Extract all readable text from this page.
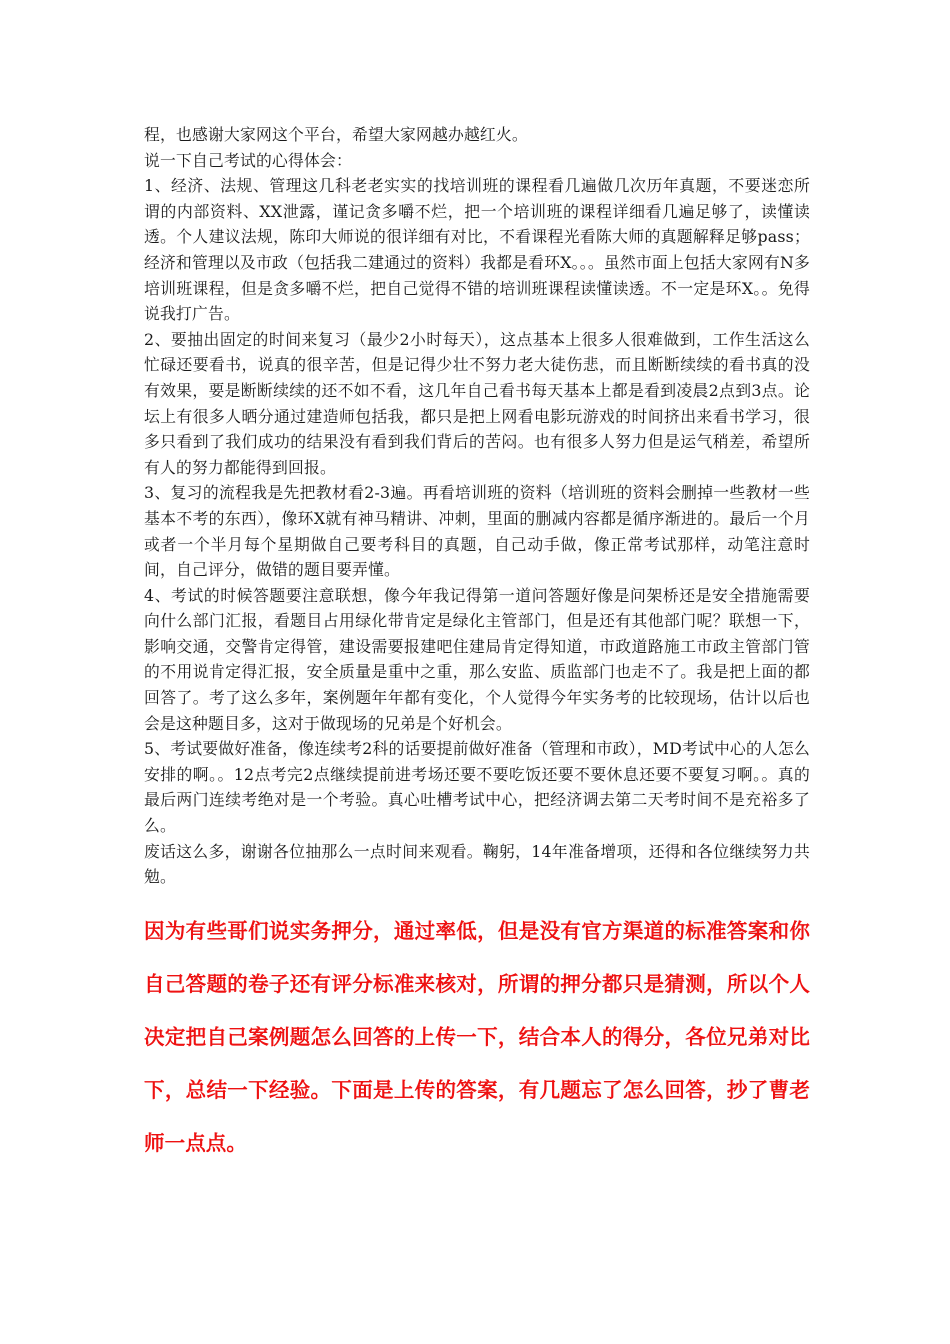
程，也感谢大家网这个平台，希望大家网越办越红火。

说一下自己考试的心得体会：

1、经济、法规、管理这几科老老实实的找培训班的课程看几遍做几次历年真题，不要迷恋所谓的内部资料、XX泄露，谨记贪多嚼不烂，把一个培训班的课程详细看几遍足够了，读懂读透。个人建议法规，陈印大师说的很详细有对比，不看课程光看陈大师的真题解释足够pass；经济和管理以及市政（包括我二建通过的资料）我都是看环X。。。虽然市面上包括大家网有N多培训班课程，但是贪多嚼不烂，把自己觉得不错的培训班课程读懂读透。不一定是环X。。免得说我打广告。

2、要抽出固定的时间来复习（最少2小时每天），这点基本上很多人很难做到，工作生活这么忙碌还要看书，说真的很辛苦，但是记得少壮不努力老大徒伤悲，而且断断续续的看书真的没有效果，要是断断续续的还不如不看，这几年自己看书每天基本上都是看到凌晨2点到3点。论坛上有很多人晒分通过建造师包括我，都只是把上网看电影玩游戏的时间挤出来看书学习，很多只看到了我们成功的结果没有看到我们背后的苦闷。也有很多人努力但是运气稍差，希望所有人的努力都能得到回报。

3、复习的流程我是先把教材看2-3遍。再看培训班的资料（培训班的资料会删掉一些教材一些基本不考的东西），像环X就有神马精讲、冲刺，里面的删减内容都是循序渐进的。最后一个月或者一个半月每个星期做自己要考科目的真题，自己动手做，像正常考试那样，动笔注意时间，自己评分，做错的题目要弄懂。

4、考试的时候答题要注意联想，像今年我记得第一道问答题好像是问架桥还是安全措施需要向什么部门汇报，看题目占用绿化带肯定是绿化主管部门，但是还有其他部门呢？联想一下，影响交通，交警肯定得管，建设需要报建吧住建局肯定得知道，市政道路施工市政主管部门管的不用说肯定得汇报，安全质量是重中之重，那么安监、质监部门也走不了。我是把上面的都回答了。考了这么多年，案例题年年都有变化，个人觉得今年实务考的比较现场，估计以后也会是这种题目多，这对于做现场的兄弟是个好机会。

5、考试要做好准备，像连续考2科的话要提前做好准备（管理和市政），MD考试中心的人怎么安排的啊。。12点考完2点继续提前进考场还要不要吃饭还要不要休息还要不要复习啊。。真的最后两门连续考绝对是一个考验。真心吐槽考试中心，把经济调去第二天考时间不是充裕多了么。

废话这么多，谢谢各位抽那么一点时间来观看。鞠躬，14年准备增项，还得和各位继续努力共勉。

因为有些哥们说实务押分，通过率低，但是没有官方渠道的标准答案和你自己答题的卷子还有评分标准来核对，所谓的押分都只是猜测，所以个人决定把自己案例题怎么回答的上传一下，结合本人的得分，各位兄弟对比下，总结一下经验。下面是上传的答案，有几题忘了怎么回答，抄了曹老师一点点。
